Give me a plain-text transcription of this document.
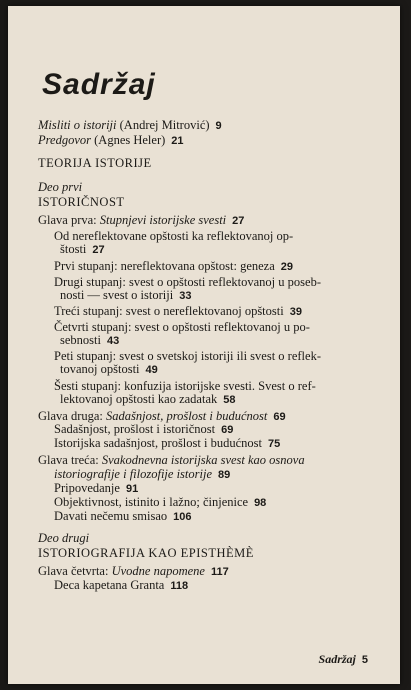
Sadržaj
Misliti o istoriji (Andrej Mitrović) 9
Predgovor (Agnes Heler) 21
TEORIJA ISTORIJE
Deo prvi
ISTORIČNOST
Glava prva: Stupnjevi istorijske svesti 27
Od nereflektovane opštosti ka reflektovanoj op-
štosti 27
Prvi stupanj: nereflektovana opštost: geneza 29
Drugi stupanj: svest o opštosti reflektovanoj u poseb-
nosti — svest o istoriji 33
Treći stupanj: svest o nereflektovanoj opštosti 39
Četvrti stupanj: svest o opštosti reflektovanoj u po-
sebnosti 43
Peti stupanj: svest o svetskoj istoriji ili svest o reflek-
tovanoj opštosti 49
Šesti stupanj: konfuzija istorijske svesti. Svest o ref-
lektovanoj opštosti kao zadatak 58
Glava druga: Sadašnjost, prošlost i budućnost 69
Sadašnjost, prošlost i istoričnost 69
Istorijska sadašnjost, prošlost i budućnost 75
Glava treća: Svakodnevna istorijska svest kao osnova
istoriografije i filozofije istorije 89
Pripovedanje 91
Objektivnost, istinito i lažno; činjenice 98
Davati nečemu smisao 106
Deo drugi
ISTORIOGRAFIJA KAO EPISTHÈMÈ
Glava četvrta: Uvodne napomene 117
Deca kapetana Granta 118
Sadržaj 5
